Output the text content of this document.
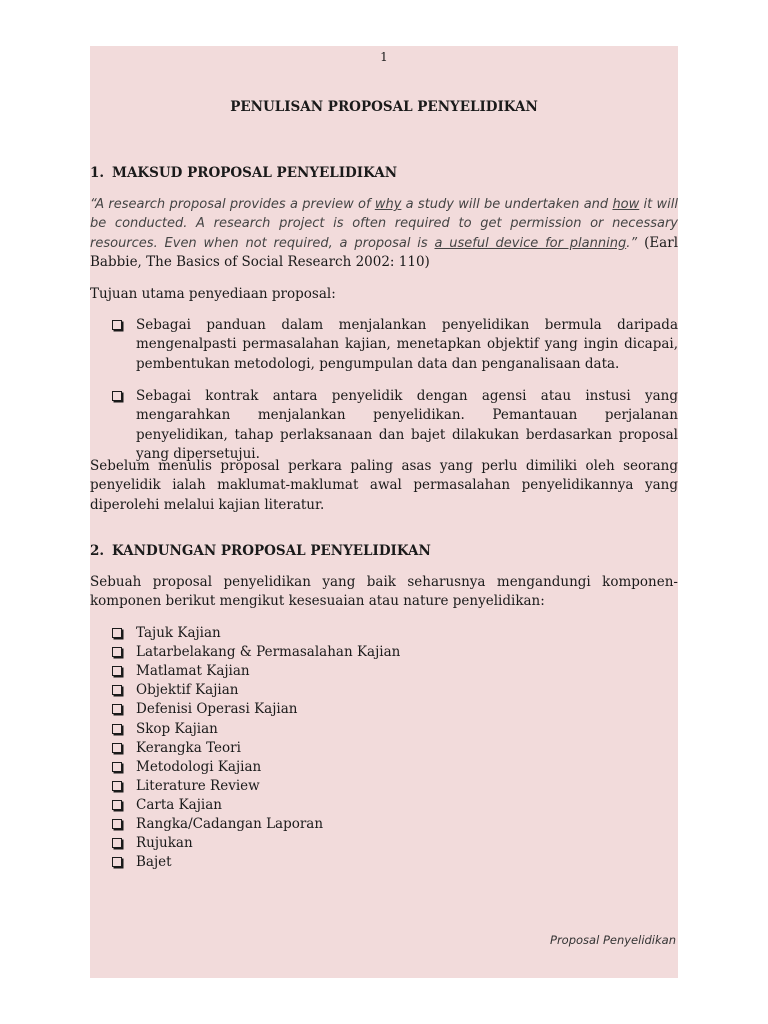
1
PENULISAN PROPOSAL PENYELIDIKAN
1. MAKSUD PROPOSAL PENYELIDIKAN
“A research proposal provides a preview of why a study will be undertaken and how it will be conducted. A research project is often required to get permission or necessary resources. Even when not required, a proposal is a useful device for planning.” (Earl Babbie, The Basics of Social Research 2002: 110)
Tujuan utama penyediaan proposal:
Sebagai panduan dalam menjalankan penyelidikan bermula daripada mengenalpasti permasalahan kajian, menetapkan objektif yang ingin dicapai, pembentukan metodologi, pengumpulan data dan penganalisaan data.
Sebagai kontrak antara penyelidik dengan agensi atau instusi yang mengarahkan menjalankan penyelidikan. Pemantauan perjalanan penyelidikan, tahap perlaksanaan dan bajet dilakukan berdasarkan proposal yang dipersetujui.
Sebelum menulis proposal perkara paling asas yang perlu dimiliki oleh seorang penyelidik ialah maklumat-maklumat awal permasalahan penyelidikannya yang diperolehi melalui kajian literatur.
2. KANDUNGAN PROPOSAL PENYELIDIKAN
Sebuah proposal penyelidikan yang baik seharusnya mengandungi komponen-komponen berikut mengikut kesesuaian atau nature penyelidikan:
Tajuk Kajian
Latarbelakang & Permasalahan Kajian
Matlamat Kajian
Objektif Kajian
Defenisi Operasi Kajian
Skop Kajian
Kerangka Teori
Metodologi Kajian
Literature Review
Carta Kajian
Rangka/Cadangan Laporan
Rujukan
Bajet
Proposal Penyelidikan
